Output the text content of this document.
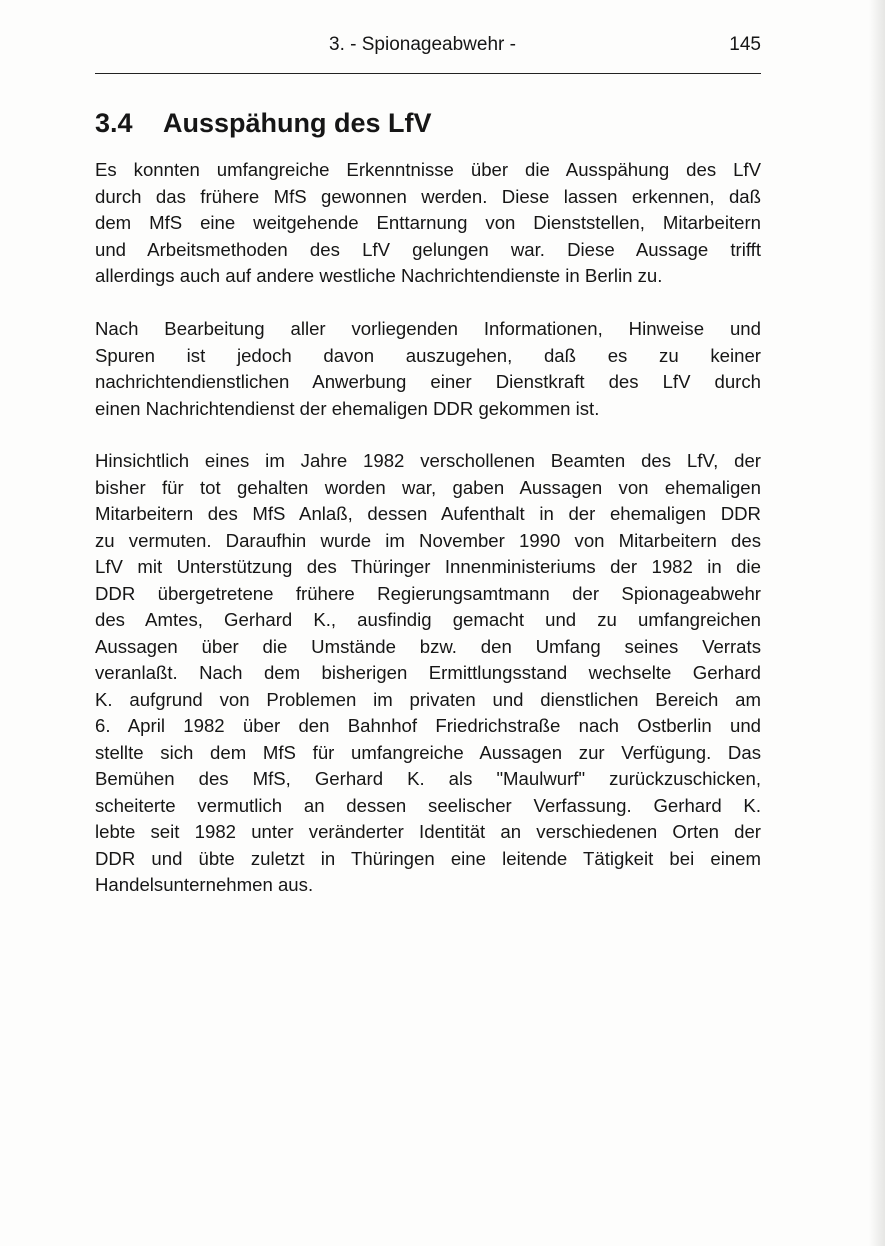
3. - Spionageabwehr -	145
3.4 Ausspähung des LfV
Es konnten umfangreiche Erkenntnisse über die Ausspähung des LfV
durch das frühere MfS gewonnen werden. Diese lassen erkennen, daß
dem MfS eine weitgehende Enttarnung von Dienststellen, Mitarbeitern
und Arbeitsmethoden des LfV gelungen war. Diese Aussage trifft
allerdings auch auf andere westliche Nachrichtendienste in Berlin zu.
Nach Bearbeitung aller vorliegenden Informationen, Hinweise und
Spuren ist jedoch davon auszugehen, daß es zu keiner
nachrichtendienstlichen Anwerbung einer Dienstkraft des LfV durch
einen Nachrichtendienst der ehemaligen DDR gekommen ist.
Hinsichtlich eines im Jahre 1982 verschollenen Beamten des LfV, der
bisher für tot gehalten worden war, gaben Aussagen von ehemaligen
Mitarbeitern des MfS Anlaß, dessen Aufenthalt in der ehemaligen DDR
zu vermuten. Daraufhin wurde im November 1990 von Mitarbeitern des
LfV mit Unterstützung des Thüringer Innenministeriums der 1982 in die
DDR übergetretene frühere Regierungsamtmann der Spionageabwehr
des Amtes, Gerhard K., ausfindig gemacht und zu umfangreichen
Aussagen über die Umstände bzw. den Umfang seines Verrats
veranlaßt. Nach dem bisherigen Ermittlungsstand wechselte Gerhard
K. aufgrund von Problemen im privaten und dienstlichen Bereich am
6. April 1982 über den Bahnhof Friedrichstraße nach Ostberlin und
stellte sich dem MfS für umfangreiche Aussagen zur Verfügung. Das
Bemühen des MfS, Gerhard K. als "Maulwurf" zurückzuschicken,
scheiterte vermutlich an dessen seelischer Verfassung. Gerhard K.
lebte seit 1982 unter veränderter Identität an verschiedenen Orten der
DDR und übte zuletzt in Thüringen eine leitende Tätigkeit bei einem
Handelsunternehmen aus.
